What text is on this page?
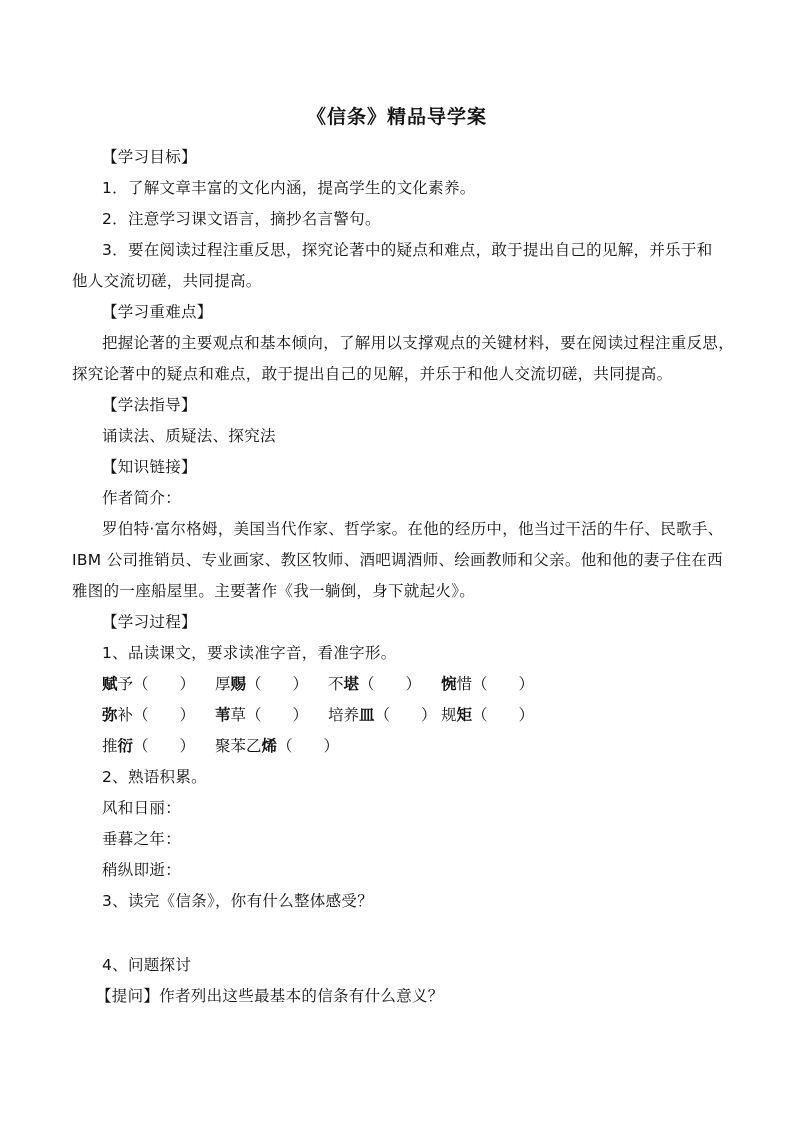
《信条》精品导学案
【学习目标】
1．了解文章丰富的文化内涵，提高学生的文化素养。
2．注意学习课文语言，摘抄名言警句。
3．要在阅读过程注重反思，探究论著中的疑点和难点，敢于提出自己的见解，并乐于和
他人交流切磋，共同提高。
【学习重难点】
把握论著的主要观点和基本倾向，了解用以支撑观点的关键材料，要在阅读过程注重反思，
探究论著中的疑点和难点，敢于提出自己的见解，并乐于和他人交流切磋，共同提高。
【学法指导】
诵读法、质疑法、探究法
【知识链接】
作者简介：
罗伯特·富尔格姆，美国当代作家、哲学家。在他的经历中，他当过干活的牛仔、民歌手、
IBM 公司推销员、专业画家、教区牧师、酒吧调酒师、绘画教师和父亲。他和他的妻子住在西
雅图的一座船屋里。主要著作《我一躺倒，身下就起火》。
【学习过程】
1、品读课文，要求读准字音，看准字形。
赋予（　　） 厚赐（　　） 不堪（　　） 惋惜（　　）
弥补（　　） 苇草（　　） 培养皿（　　） 规矩（　　）
推衍（　　） 聚苯乙烯（　　）
2、熟语积累。
风和日丽：
垂暮之年：
稍纵即逝：
3、读完《信条》，你有什么整体感受？
4、问题探讨
【提问】作者列出这些最基本的信条有什么意义？
